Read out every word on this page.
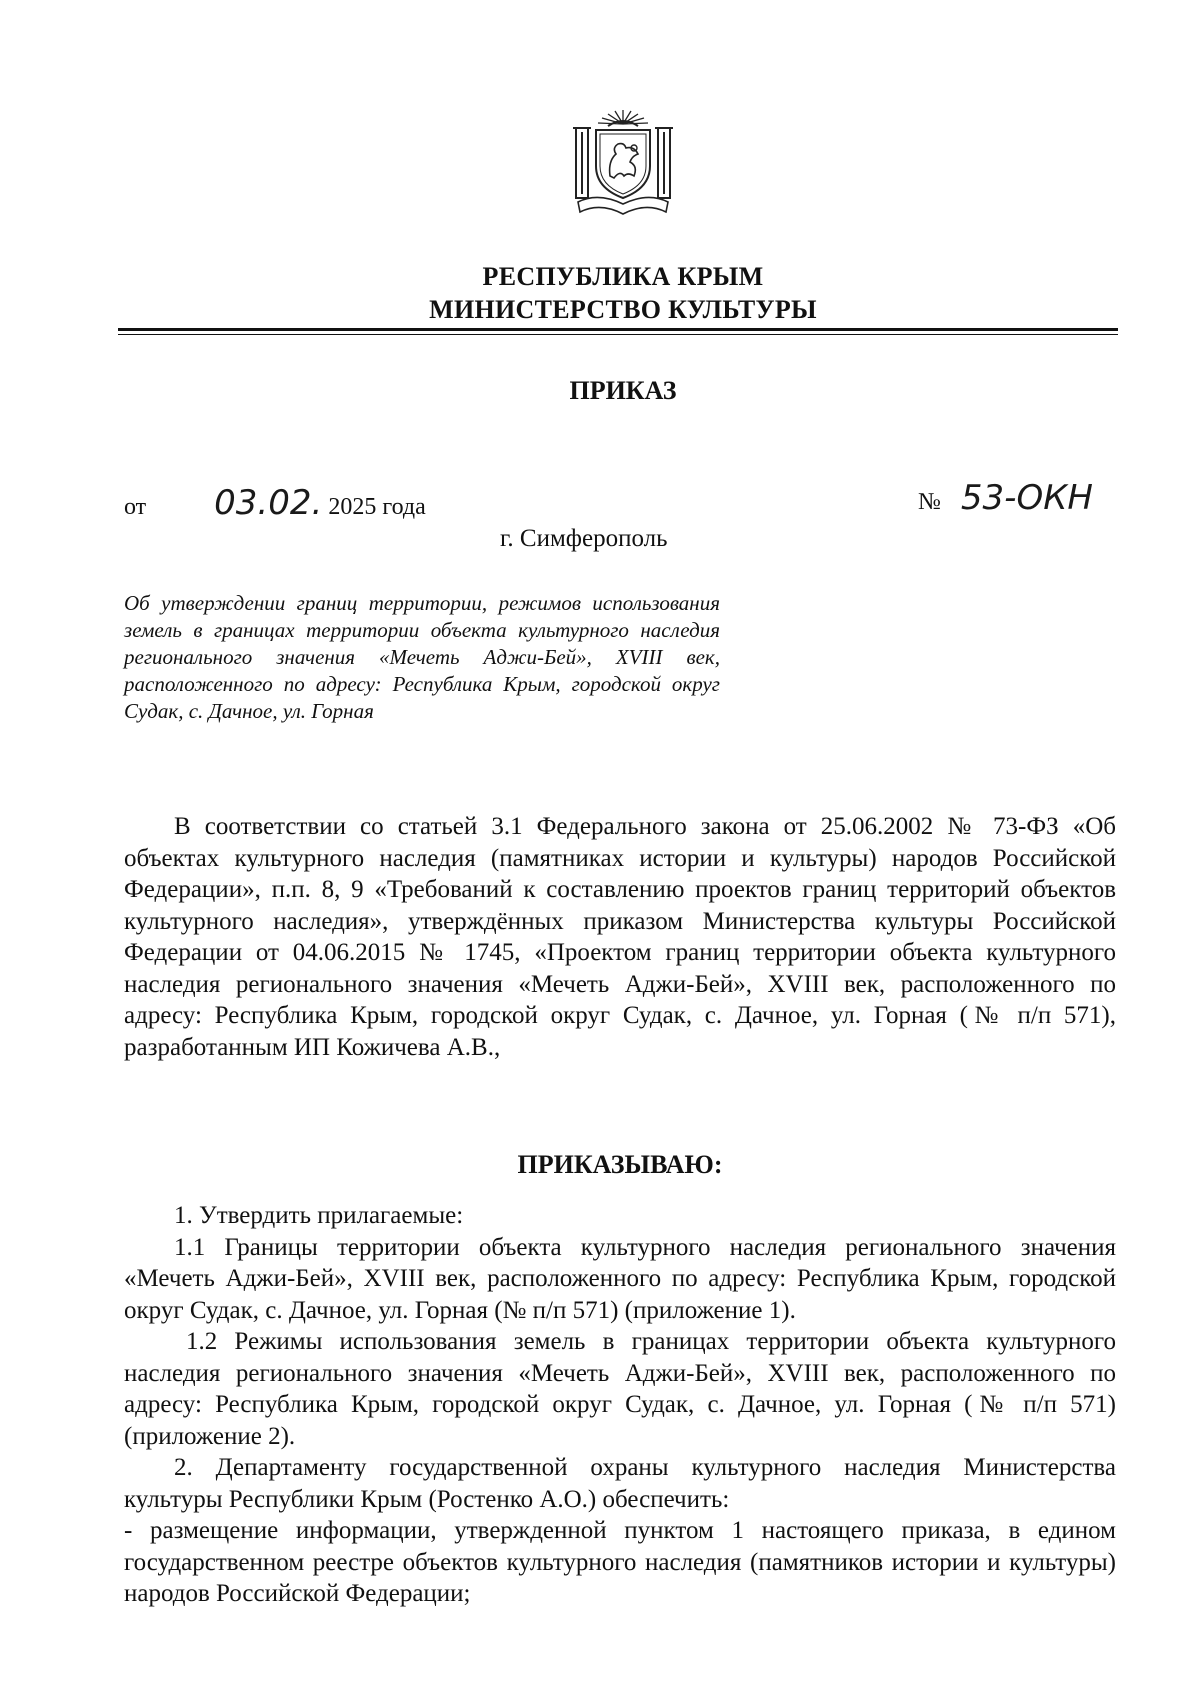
РЕСПУБЛИКА КРЫМ
МИНИСТЕРСТВО КУЛЬТУРЫ
ПРИКАЗ
от 03.02. 2025 года	№ 53-ОКН
г. Симферополь
Об утверждении границ территории, режимов использования земель в границах территории объекта культурного наследия регионального значения «Мечеть Аджи-Бей», XVIII век, расположенного по адресу: Республика Крым, городской округ Судак, с. Дачное, ул. Горная
В соответствии со статьей 3.1 Федерального закона от 25.06.2002 № 73-ФЗ «Об объектах культурного наследия (памятниках истории и культуры) народов Российской Федерации», п.п. 8, 9 «Требований к составлению проектов границ территорий объектов культурного наследия», утверждённых приказом Министерства культуры Российской Федерации от 04.06.2015 № 1745, «Проектом границ территории объекта культурного наследия регионального значения «Мечеть Аджи-Бей», XVIII век, расположенного по адресу: Республика Крым, городской округ Судак, с. Дачное, ул. Горная (№ п/п 571), разработанным ИП Кожичева А.В.,
ПРИКАЗЫВАЮ:

1. Утвердить прилагаемые:

1.1 Границы территории объекта культурного наследия регионального значения «Мечеть Аджи-Бей», XVIII век, расположенного по адресу: Республика Крым, городской округ Судак, с. Дачное, ул. Горная (№ п/п 571) (приложение 1).

1.2 Режимы использования земель в границах территории объекта культурного наследия регионального значения «Мечеть Аджи-Бей», XVIII век, расположенного по адресу: Республика Крым, городской округ Судак, с. Дачное, ул. Горная (№ п/п 571) (приложение 2).

2. Департаменту государственной охраны культурного наследия Министерства культуры Республики Крым (Ростенко А.О.) обеспечить:

- размещение информации, утвержденной пунктом 1 настоящего приказа, в едином государственном реестре объектов культурного наследия (памятников истории и культуры) народов Российской Федерации;
